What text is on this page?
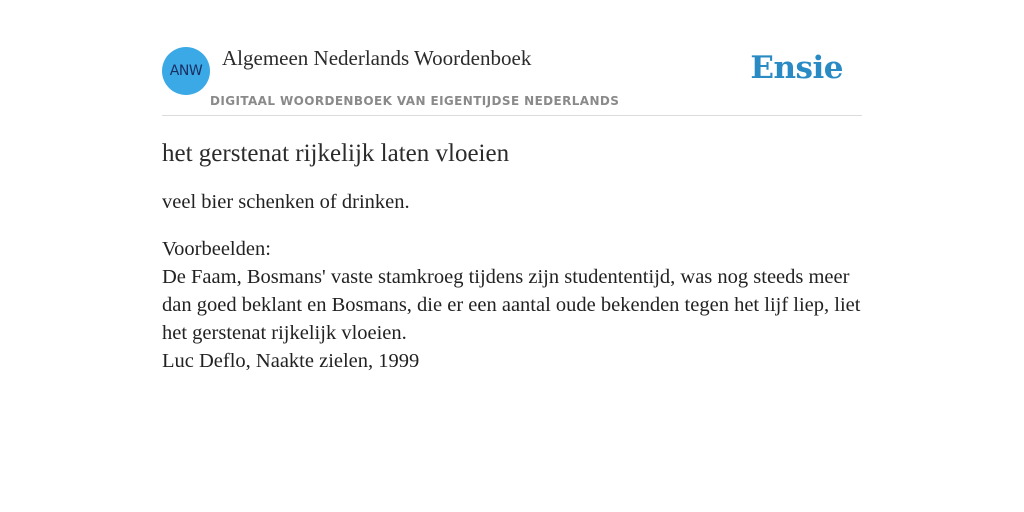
ANW
Algemeen Nederlands Woordenboek
DIGITAAL WOORDENBOEK VAN EIGENTIJDSE NEDERLANDS
Ensie
het gerstenat rijkelijk laten vloeien

veel bier schenken of drinken.

Voorbeelden:
De Faam, Bosmans' vaste stamkroeg tijdens zijn studententijd, was nog steeds meer dan goed beklant en Bosmans, die er een aantal oude bekenden tegen het lijf liep, liet het gerstenat rijkelijk vloeien.
Luc Deflo, Naakte zielen, 1999
